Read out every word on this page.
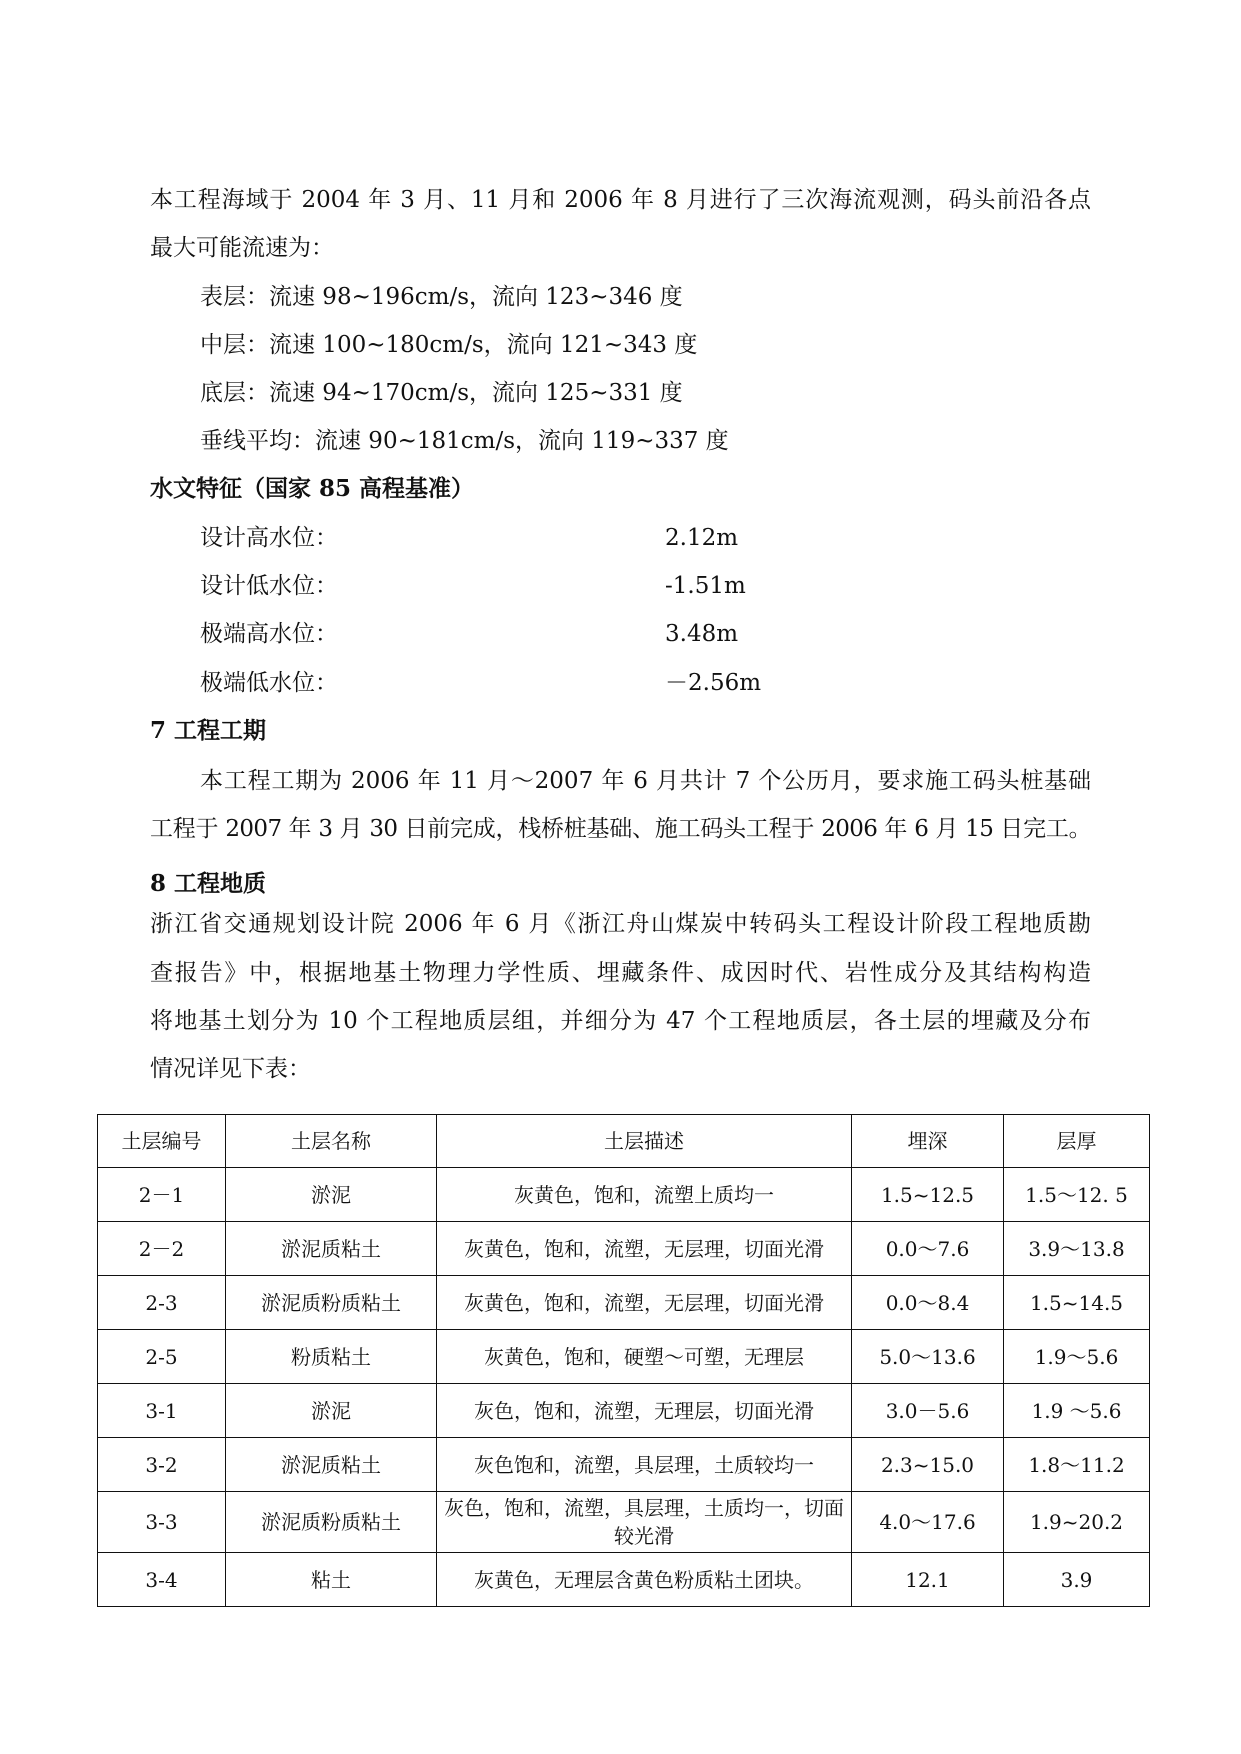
本工程海域于 2004 年 3 月、11 月和 2006 年 8 月进行了三次海流观测，码头前沿各点
最大可能流速为：
表层：流速 98~196cm/s，流向 123~346 度
中层：流速 100~180cm/s，流向 121~343 度
底层：流速 94~170cm/s，流向 125~331 度
垂线平均：流速 90~181cm/s，流向 119~337 度
水文特征（国家 85 高程基准）
设计高水位：	2.12m
设计低水位：	-1.51m
极端高水位：	3.48m
极端低水位：	－2.56m
7 工程工期
本工程工期为 2006 年 11 月～2007 年 6 月共计 7 个公历月，要求施工码头桩基础
工程于 2007 年 3 月 30 日前完成，栈桥桩基础、施工码头工程于 2006 年 6 月 15 日完工。
8 工程地质
浙江省交通规划设计院 2006 年 6 月《浙江舟山煤炭中转码头工程设计阶段工程地质勘
查报告》中，根据地基土物理力学性质、埋藏条件、成因时代、岩性成分及其结构构造
将地基土划分为 10 个工程地质层组，并细分为 47 个工程地质层，各土层的埋藏及分布
情况详见下表：
土层编号	土层名称	土层描述	埋深	层厚
2－1	淤泥	灰黄色，饱和，流塑上质均一	1.5~12.5	1.5～12. 5
2－2	淤泥质粘土	灰黄色，饱和，流塑，无层理，切面光滑	0.0～7.6	3.9～13.8
2-3	淤泥质粉质粘土	灰黄色，饱和，流塑，无层理，切面光滑	0.0～8.4	1.5~14.5
2-5	粉质粘土	灰黄色，饱和，硬塑～可塑，无理层	5.0～13.6	1.9～5.6
3-1	淤泥	灰色，饱和，流塑，无理层，切面光滑	3.0－5.6	1.9 ～5.6
3-2	淤泥质粘土	灰色饱和，流塑，具层理，土质较均一	2.3~15.0	1.8～11.2
3-3	淤泥质粉质粘土	灰色，饱和，流塑，具层理，土质均一，切面较光滑	4.0～17.6	1.9~20.2
3-4	粘土	灰黄色，无理层含黄色粉质粘土团块。	12.1	3.9
